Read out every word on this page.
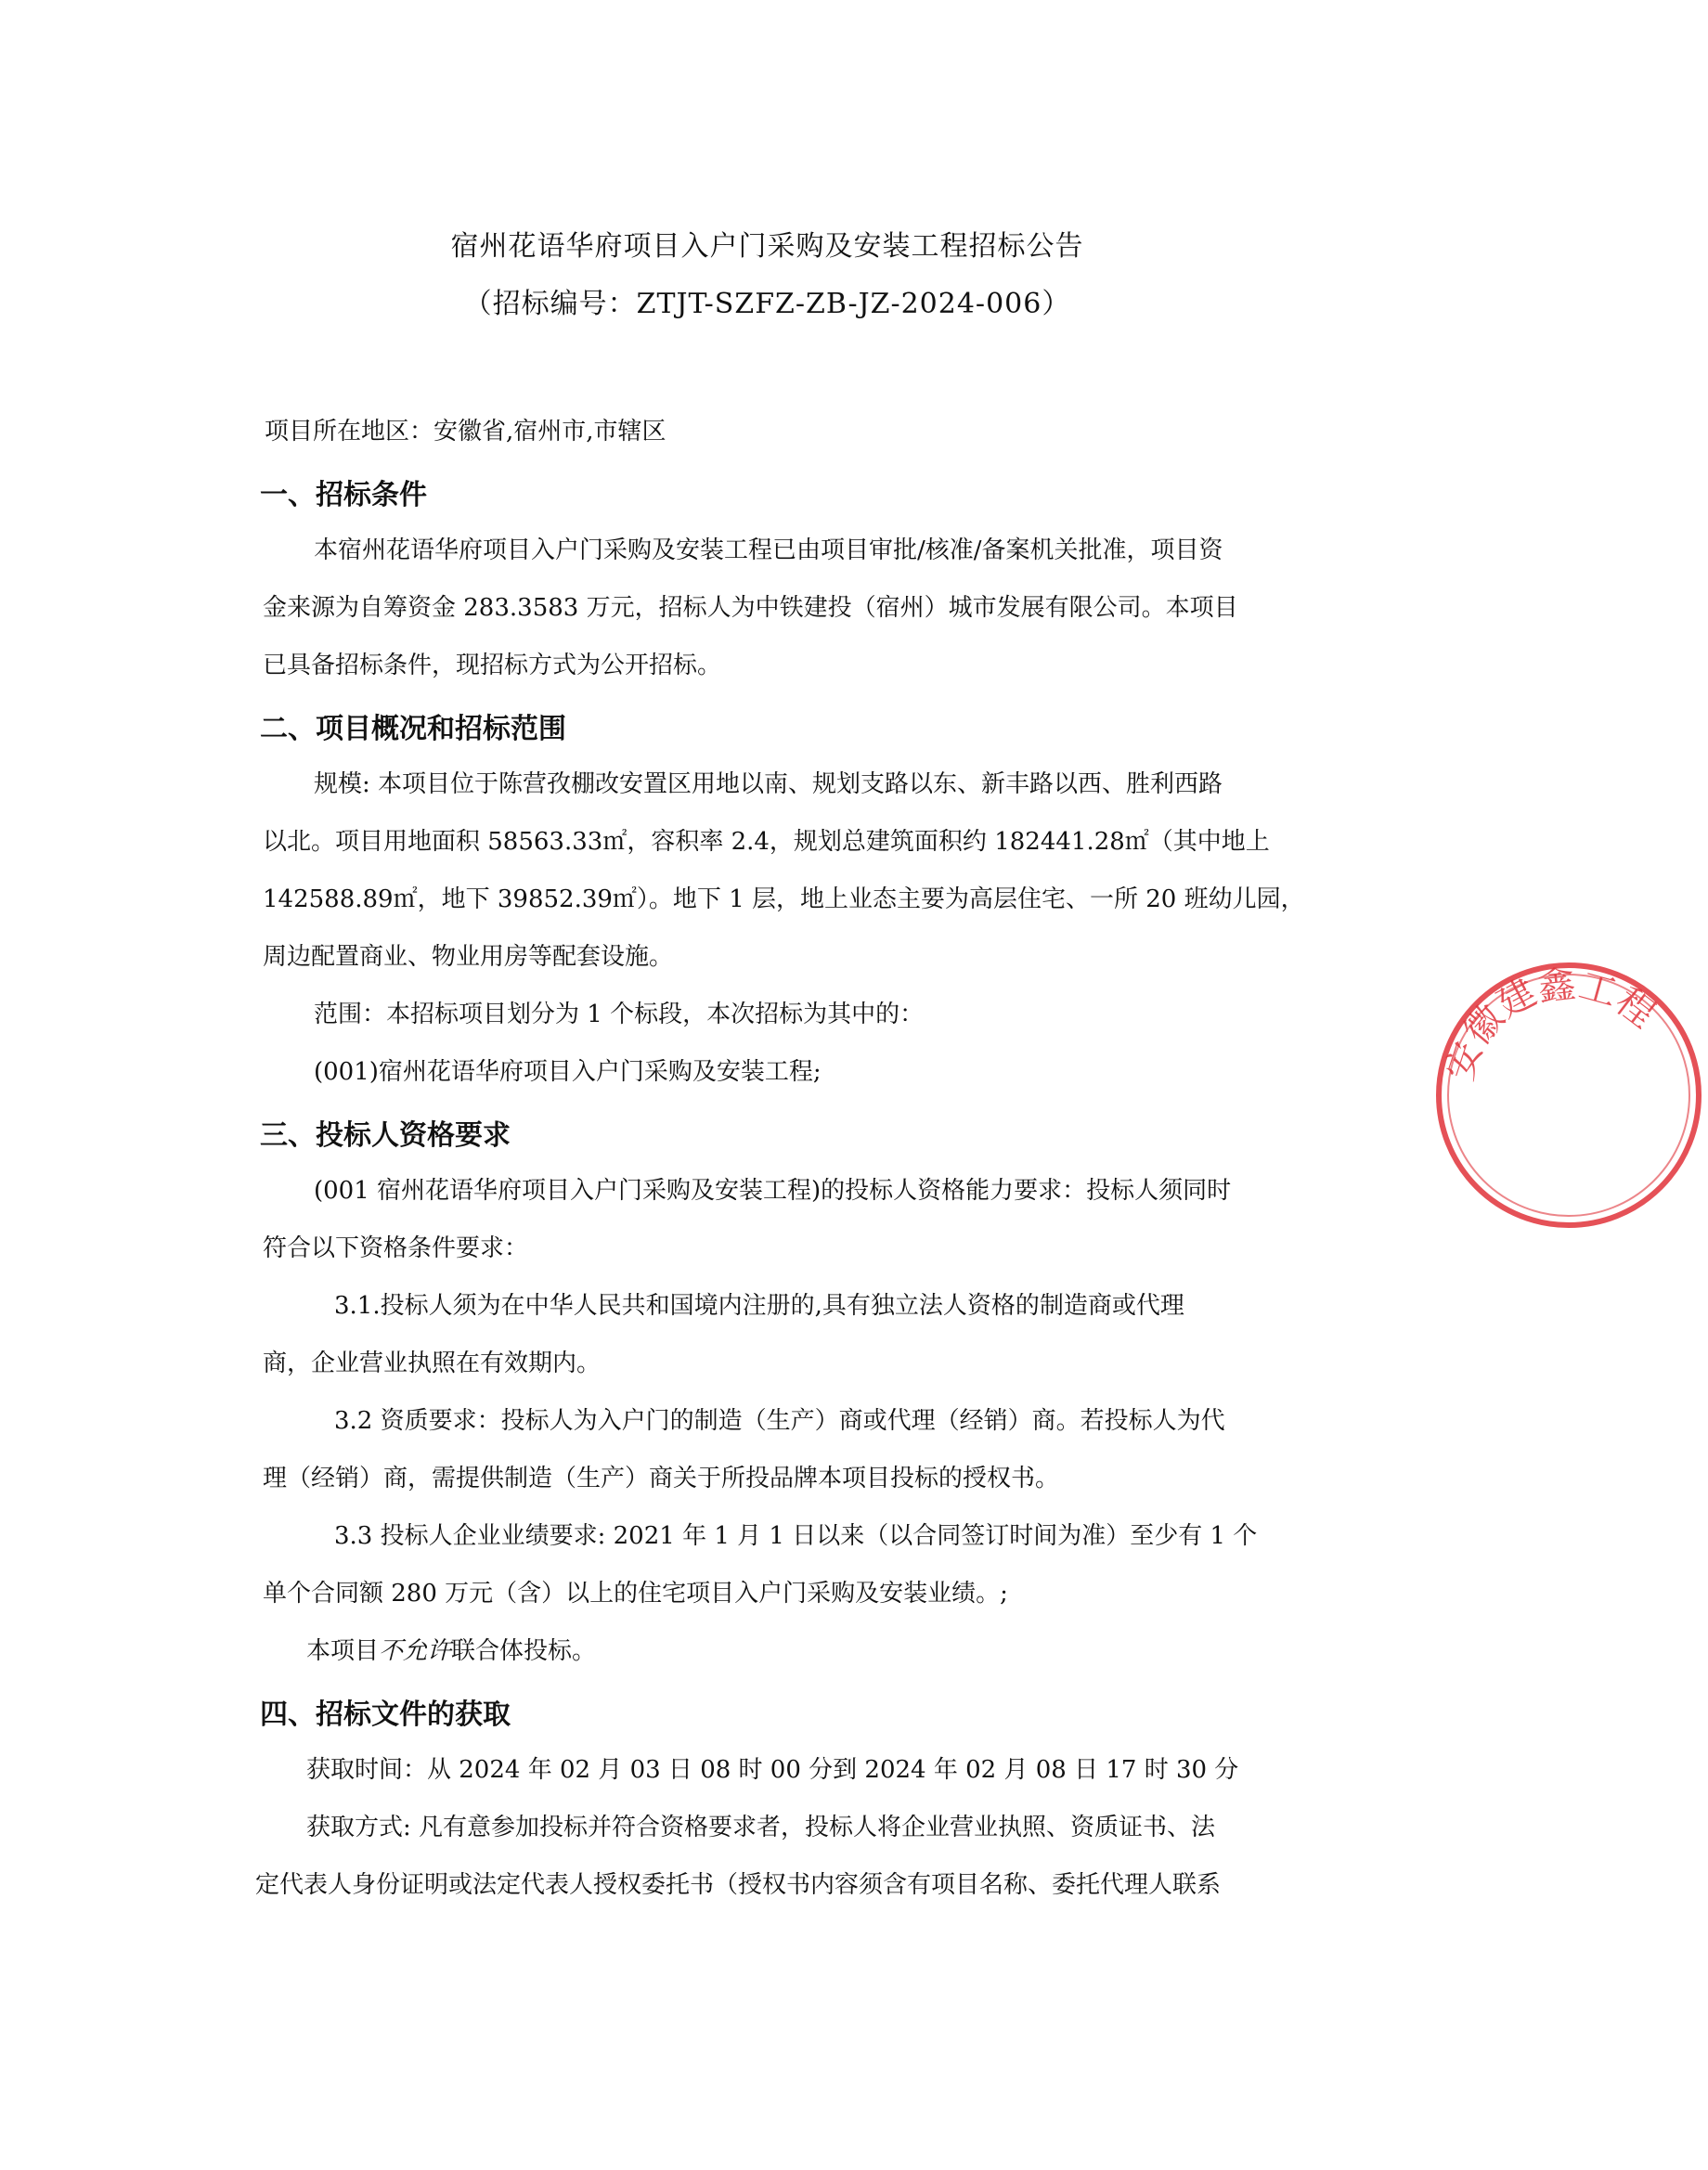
宿州花语华府项目入户门采购及安装工程招标公告
（招标编号：ZTJT-SZFZ-ZB-JZ-2024-006）
项目所在地区：安徽省,宿州市,市辖区
一、招标条件
本宿州花语华府项目入户门采购及安装工程已由项目审批/核准/备案机关批准，项目资
金来源为自筹资金 283.3583 万元，招标人为中铁建投（宿州）城市发展有限公司。本项目
已具备招标条件，现招标方式为公开招标。
二、项目概况和招标范围
规模: 本项目位于陈营孜棚改安置区用地以南、规划支路以东、新丰路以西、胜利西路
以北。项目用地面积 58563.33㎡，容积率 2.4，规划总建筑面积约 182441.28㎡（其中地上
142588.89㎡，地下 39852.39㎡）。地下 1 层，地上业态主要为高层住宅、一所 20 班幼儿园，
周边配置商业、物业用房等配套设施。
范围：本招标项目划分为 1 个标段，本次招标为其中的：
(001)宿州花语华府项目入户门采购及安装工程;
三、投标人资格要求
(001 宿州花语华府项目入户门采购及安装工程)的投标人资格能力要求：投标人须同时
符合以下资格条件要求：
3.1.投标人须为在中华人民共和国境内注册的,具有独立法人资格的制造商或代理
商，企业营业执照在有效期内。
3.2 资质要求：投标人为入户门的制造（生产）商或代理（经销）商。若投标人为代
理（经销）商，需提供制造（生产）商关于所投品牌本项目投标的授权书。
3.3 投标人企业业绩要求: 2021 年 1 月 1 日以来（以合同签订时间为准）至少有 1 个
单个合同额 280 万元（含）以上的住宅项目入户门采购及安装业绩。;
本项目不允许联合体投标。
四、招标文件的获取
获取时间：从 2024 年 02 月 03 日 08 时 00 分到 2024 年 02 月 08 日 17 时 30 分
获取方式: 凡有意参加投标并符合资格要求者，投标人将企业营业执照、资质证书、法
定代表人身份证明或法定代表人授权委托书（授权书内容须含有项目名称、委托代理人联系
安徽建鑫工程
